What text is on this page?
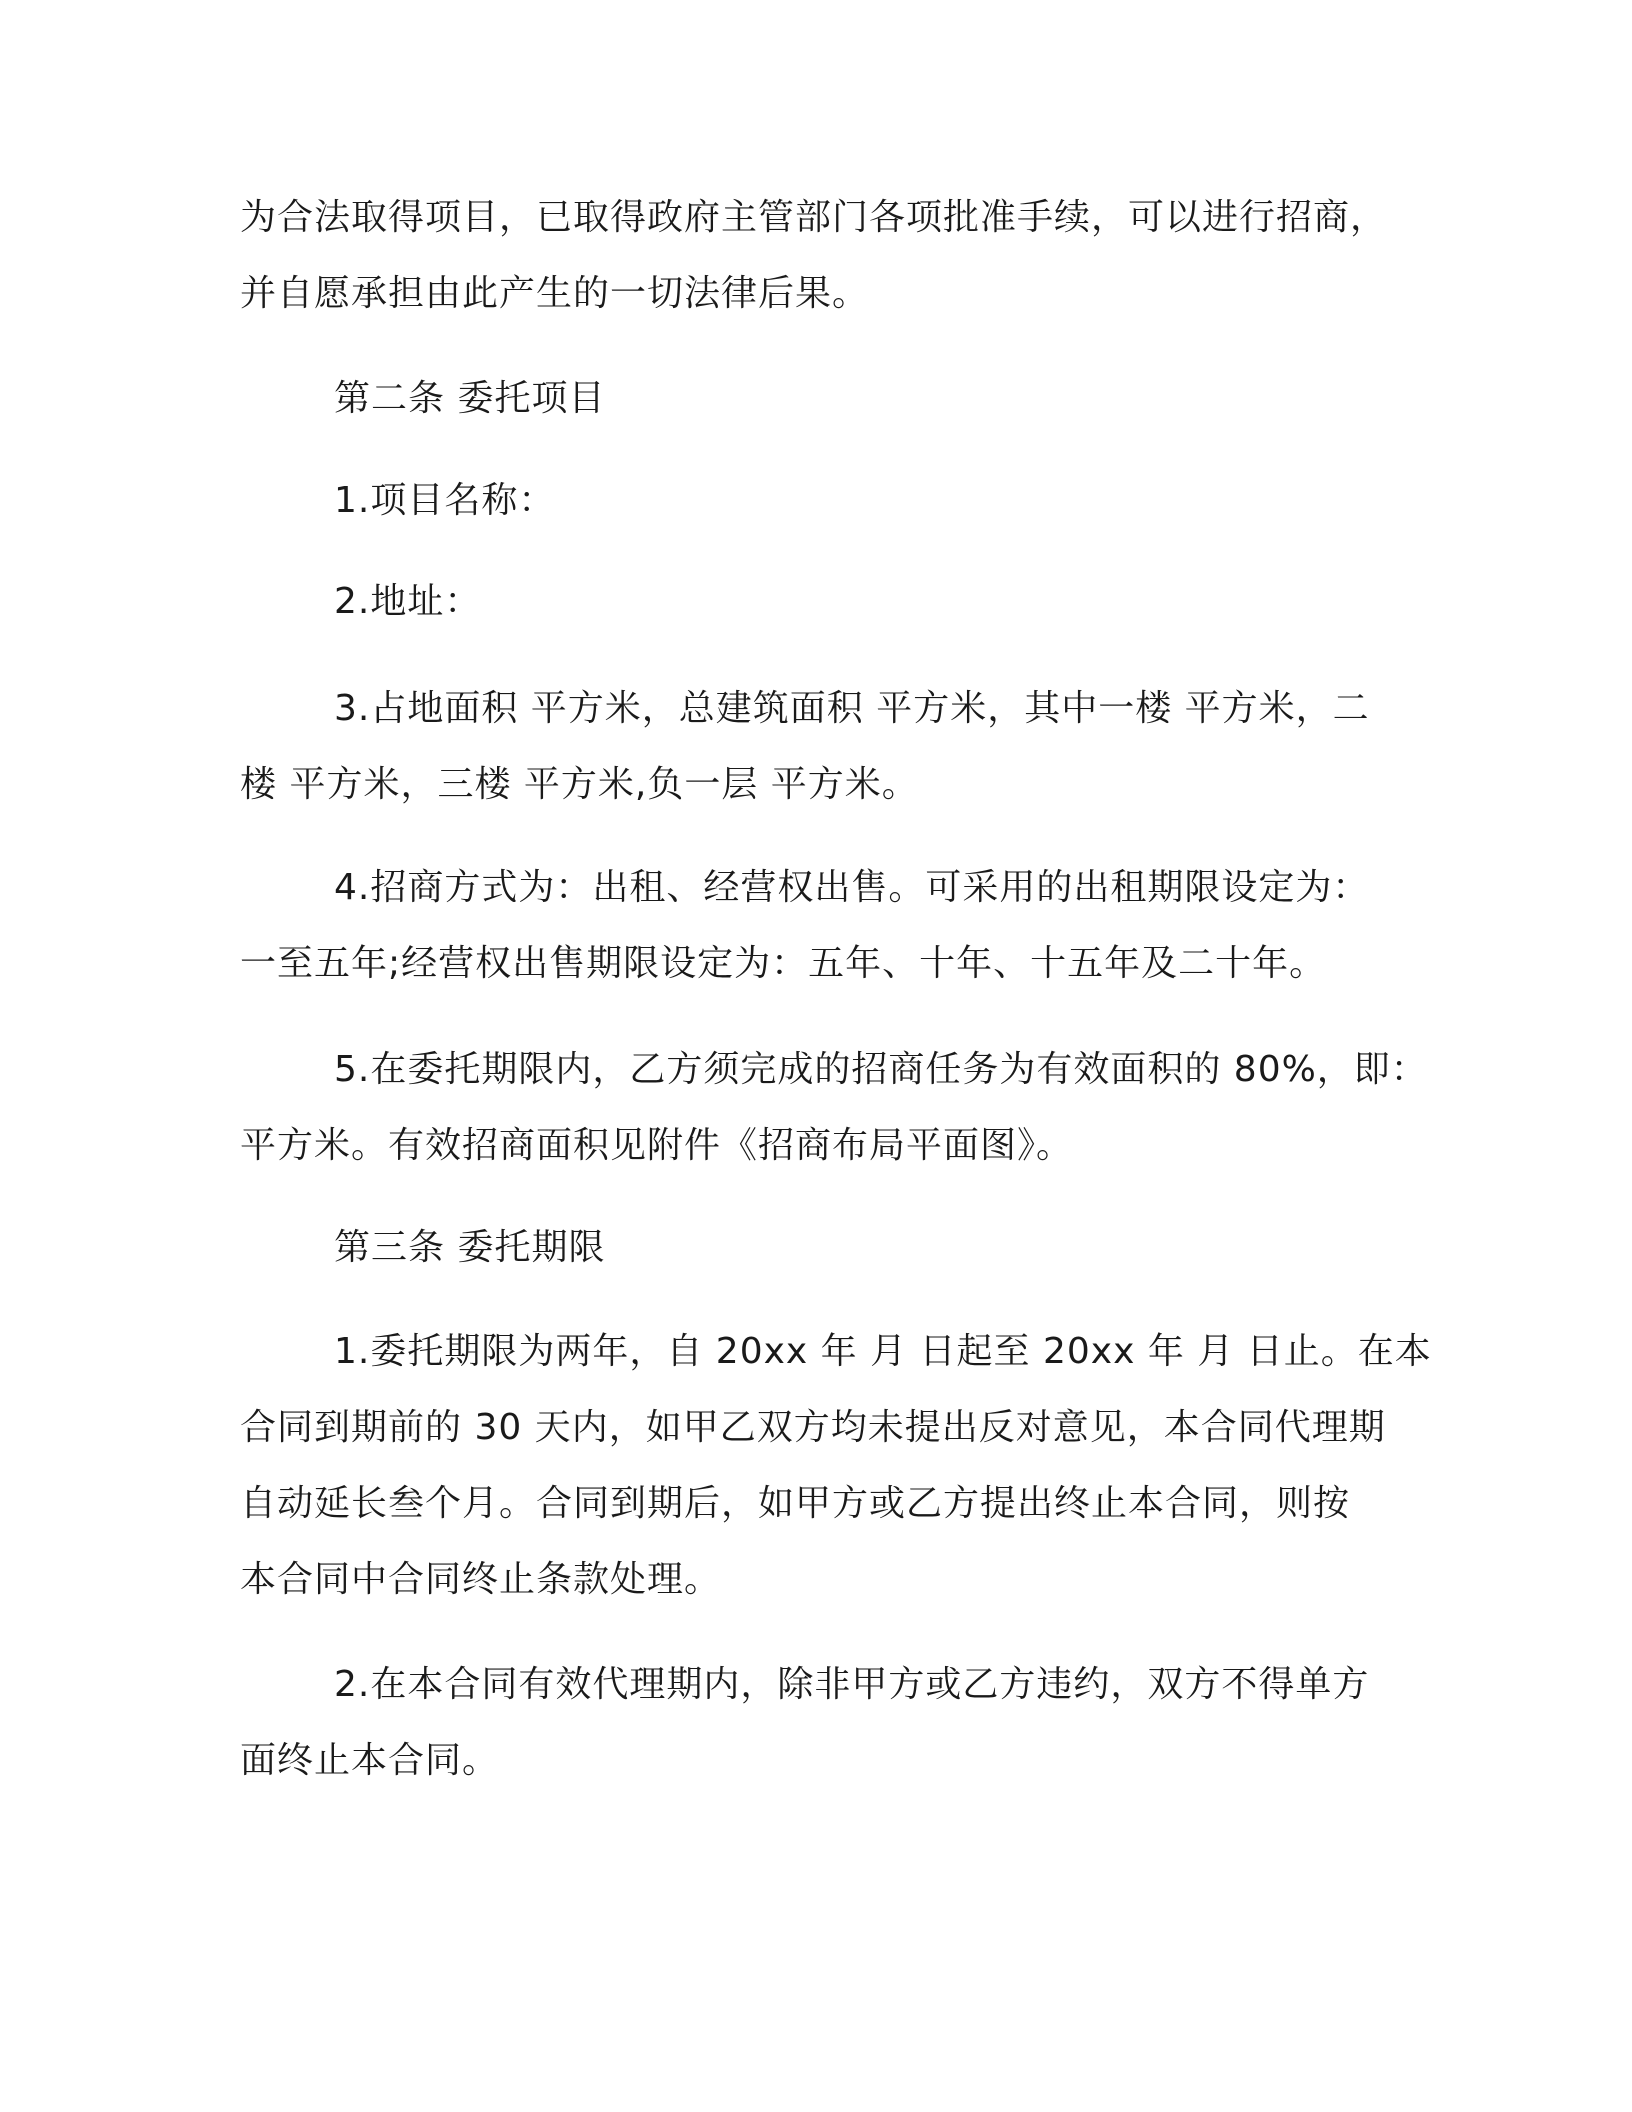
为合法取得项目，已取得政府主管部门各项批准手续，可以进行招商，
并自愿承担由此产生的一切法律后果。
第二条 委托项目
1.项目名称：
2.地址：
3.占地面积 平方米，总建筑面积 平方米，其中一楼 平方米，二
楼 平方米，三楼 平方米,负一层 平方米。
4.招商方式为：出租、经营权出售。可采用的出租期限设定为：
一至五年;经营权出售期限设定为：五年、十年、十五年及二十年。
5.在委托期限内，乙方须完成的招商任务为有效面积的 80%，即：
平方米。有效招商面积见附件《招商布局平面图》。
第三条 委托期限
1.委托期限为两年，自 20xx 年 月 日起至 20xx 年 月 日止。在本
合同到期前的 30 天内，如甲乙双方均未提出反对意见，本合同代理期
自动延长叁个月。合同到期后，如甲方或乙方提出终止本合同，则按
本合同中合同终止条款处理。
2.在本合同有效代理期内，除非甲方或乙方违约，双方不得单方
面终止本合同。
